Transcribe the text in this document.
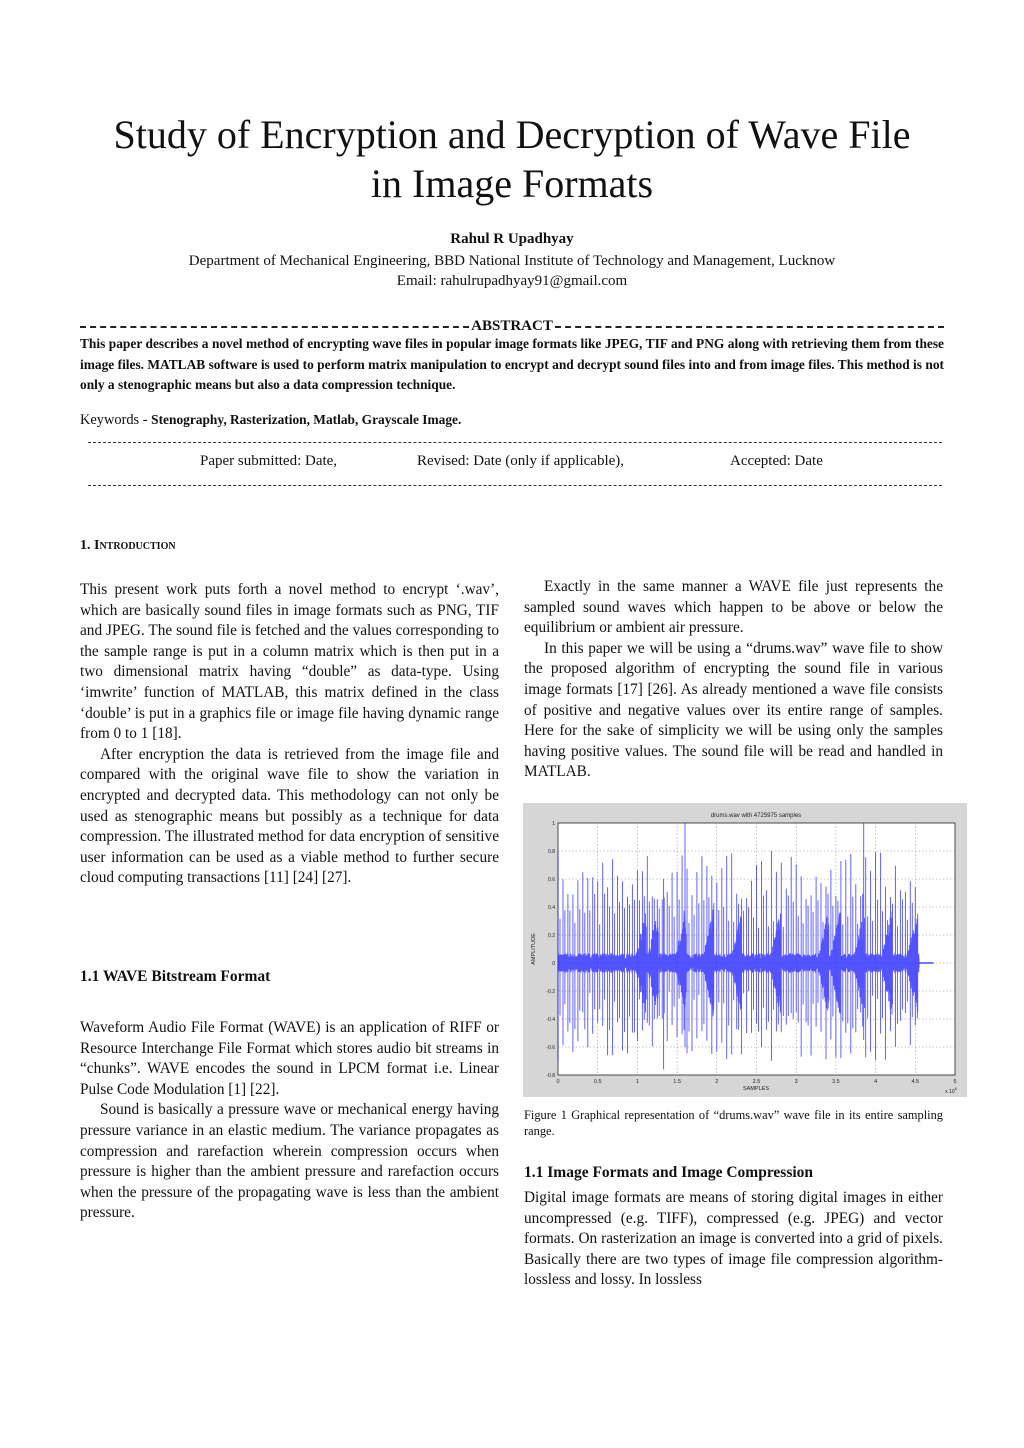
Study of Encryption and Decryption of Wave File
in Image Formats
Rahul R Upadhyay
Department of Mechanical Engineering, BBD National Institute of Technology and Management, Lucknow
Email: rahulrupadhyay91@gmail.com
ABSTRACT
This paper describes a novel method of encrypting wave files in popular image formats like JPEG, TIF and PNG along with retrieving them from these image files. MATLAB software is used to perform matrix manipulation to encrypt and decrypt sound files into and from image files. This method is not only a stenographic means but also a data compression technique.
Keywords - Stenography, Rasterization, Matlab, Grayscale Image.
Paper submitted: Date,	Revised: Date (only if applicable),	Accepted: Date
1. Introduction

This present work puts forth a novel method to encrypt ‘.wav’, which are basically sound files in image formats such as PNG, TIF and JPEG. The sound file is fetched and the values corresponding to the sample range is put in a column matrix which is then put in a two dimensional matrix having “double” as data-type. Using ‘imwrite’ function of MATLAB, this matrix defined in the class ‘double’ is put in a graphics file or image file having dynamic range from 0 to 1 [18].

After encryption the data is retrieved from the image file and compared with the original wave file to show the variation in encrypted and decrypted data. This methodology can not only be used as stenographic means but possibly as a technique for data compression. The illustrated method for data encryption of sensitive user information can be used as a viable method to further secure cloud computing transactions [11] [24] [27].

1.1 WAVE Bitstream Format

Waveform Audio File Format (WAVE) is an application of RIFF or Resource Interchange File Format which stores audio bit streams in “chunks”. WAVE encodes the sound in LPCM format i.e. Linear Pulse Code Modulation [1] [22].

Sound is basically a pressure wave or mechanical energy having pressure variance in an elastic medium. The variance propagates as compression and rarefaction wherein compression occurs when pressure is higher than the ambient pressure and rarefaction occurs when the pressure of the propagating wave is less than the ambient pressure.

Exactly in the same manner a WAVE file just represents the sampled sound waves which happen to be above or below the equilibrium or ambient air pressure.

In this paper we will be using a “drums.wav” wave file to show the proposed algorithm of encrypting the sound file in various image formats [17] [26]. As already mentioned a wave file consists of positive and negative values over its entire range of samples. Here for the sake of simplicity we will be using only the samples having positive values. The sound file will be read and handled in MATLAB.

drums.wav with 4725975 samples
1
0.8
0.6
0.4
0.2
0
-0.2
-0.4
-0.6
-0.8
0	0.5	1	1.5	2	2.5	3	3.5	4	4.5	5
SAMPLES
AMPLITUDE
x $10^6$
Figure 1 Graphical representation of “drums.wav” wave file in its entire sampling range.
1.1 Image Formats and Image Compression

Digital image formats are means of storing digital images in either uncompressed (e.g. TIFF), compressed (e.g. JPEG) and vector formats. On rasterization an image is converted into a grid of pixels. Basically there are two types of image file compression algorithm- lossless and lossy. In lossless
